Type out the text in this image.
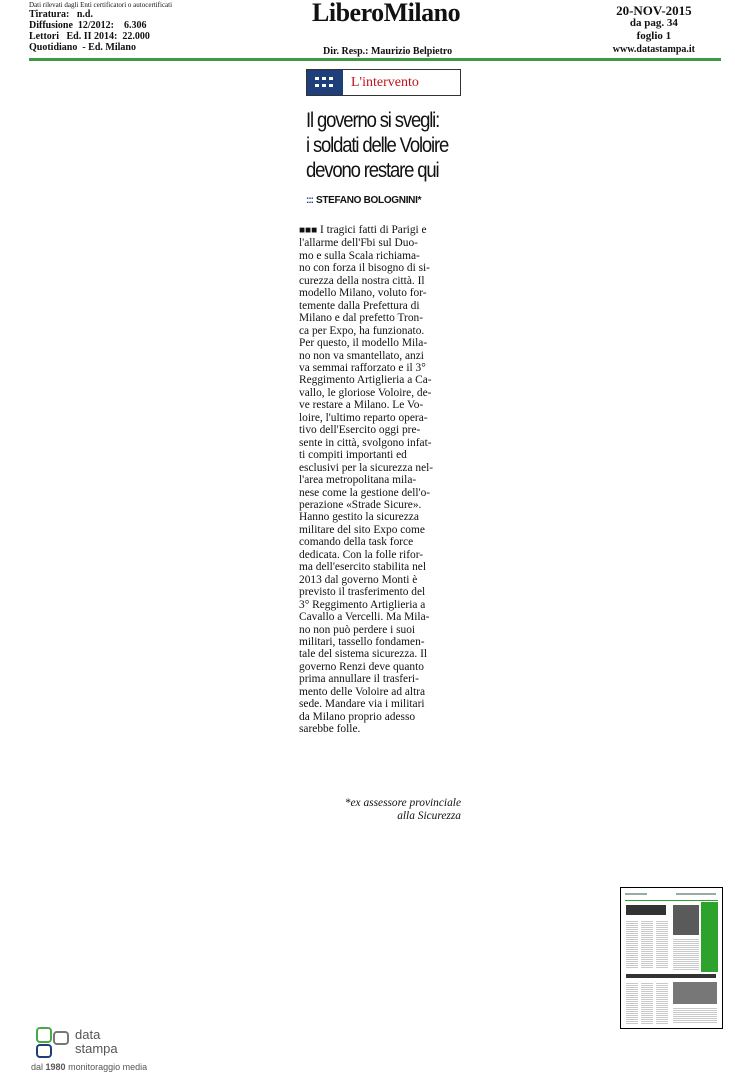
Dati rilevati dagli Enti certificatori o autocertificati
Tiratura:   n.d.
Diffusione  12/2012: 6.306
Lettori   Ed. II 2014: 22.000
Quotidiano  - Ed. Milano
LiberoMilano
Dir. Resp.: Maurizio Belpietro
20-NOV-2015
da pag. 34
foglio 1
www.datastampa.it
L'intervento
Il governo si svegli:
i soldati delle Voloire
devono restare qui
::: STEFANO BOLOGNINI*
■■■ I tragici fatti di Parigi e
l'allarme dell'Fbi sul Duo-
mo e sulla Scala richiama-
no con forza il bisogno di si-
curezza della nostra città. Il
modello Milano, voluto for-
temente dalla Prefettura di
Milano e dal prefetto Tron-
ca per Expo, ha funzionato.
Per questo, il modello Mila-
no non va smantellato, anzi
va semmai rafforzato e il 3°
Reggimento Artiglieria a Ca-
vallo, le gloriose Voloire, de-
ve restare a Milano. Le Vo-
loire, l'ultimo reparto opera-
tivo dell'Esercito oggi pre-
sente in città, svolgono infat-
ti compiti importanti ed
esclusivi per la sicurezza nel-
l'area metropolitana mila-
nese come la gestione dell'o-
perazione «Strade Sicure».
Hanno gestito la sicurezza
militare del sito Expo come
comando della task force
dedicata. Con la folle rifor-
ma dell'esercito stabilita nel
2013 dal governo Monti è
previsto il trasferimento del
3° Reggimento Artiglieria a
Cavallo a Vercelli. Ma Mila-
no non può perdere i suoi
militari, tassello fondamen-
tale del sistema sicurezza. Il
governo Renzi deve quanto
prima annullare il trasferi-
mento delle Voloire ad altra
sede. Mandare via i militari
da Milano proprio adesso
sarebbe folle.
*ex assessore provinciale
alla Sicurezza
data
stampa
dal 1980 monitoraggio media
